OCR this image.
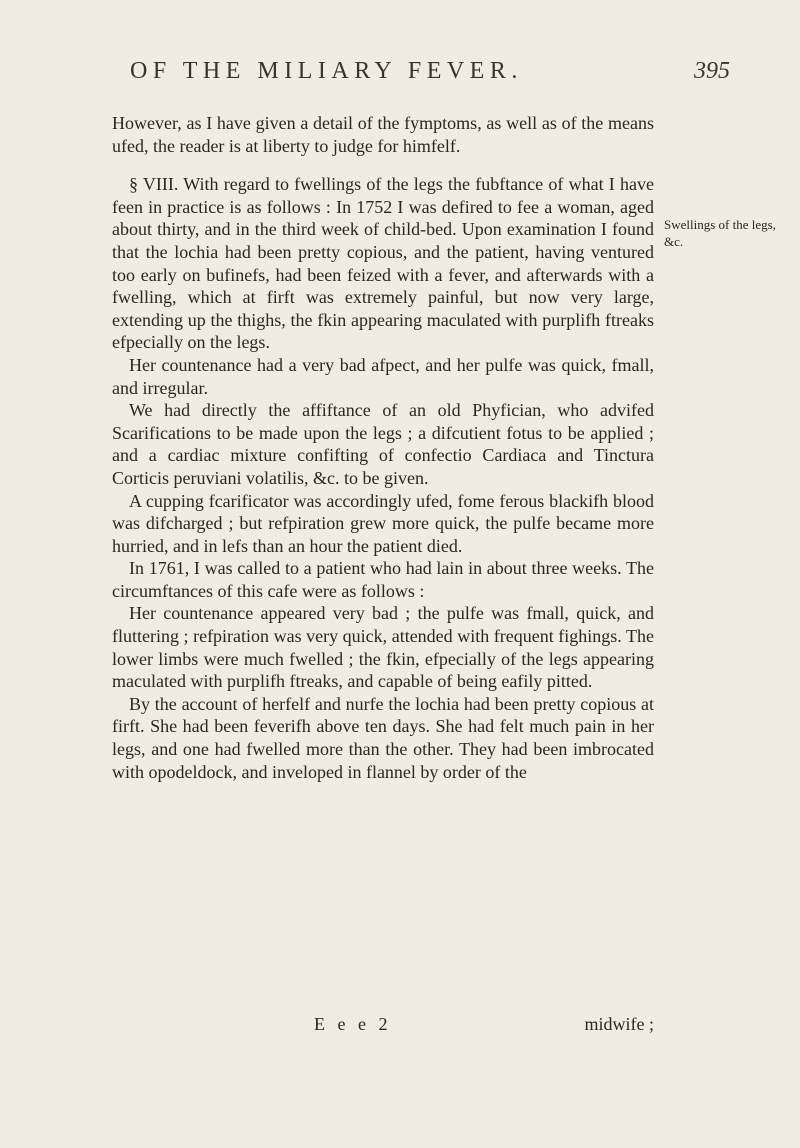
OF THE MILIARY FEVER.	395
Swellings of the legs, &c.

However, as I have given a detail of the fymptoms, as well as of the means ufed, the reader is at liberty to judge for himfelf.

§ VIII. With regard to fwellings of the legs the fubftance of what I have feen in practice is as follows : In 1752 I was defired to fee a woman, aged about thirty, and in the third week of child-bed. Upon examination I found that the lochia had been pretty copious, and the patient, having ventured too early on bufinefs, had been feized with a fever, and afterwards with a fwelling, which at firft was extremely painful, but now very large, extending up the thighs, the fkin appearing maculated with purplifh ftreaks efpecially on the legs.

Her countenance had a very bad afpect, and her pulfe was quick, fmall, and irregular.

We had directly the affiftance of an old Phyfician, who advifed Scarifications to be made upon the legs ; a difcutient fotus to be applied ; and a cardiac mixture confifting of confectio Cardiaca and Tinctura Corticis peruviani volatilis, &c. to be given.

A cupping fcarificator was accordingly ufed, fome ferous blackifh blood was difcharged ; but refpiration grew more quick, the pulfe became more hurried, and in lefs than an hour the patient died.

In 1761, I was called to a patient who had lain in about three weeks. The circumftances of this cafe were as follows :

Her countenance appeared very bad ; the pulfe was fmall, quick, and fluttering ; refpiration was very quick, attended with frequent fighings. The lower limbs were much fwelled ; the fkin, efpecially of the legs appearing maculated with purplifh ftreaks, and capable of being eafily pitted.

By the account of herfelf and nurfe the lochia had been pretty copious at firft. She had been feverifh above ten days. She had felt much pain in her legs, and one had fwelled more than the other. They had been imbrocated with opodeldock, and inveloped in flannel by order of the

E e e 2	midwife ;
